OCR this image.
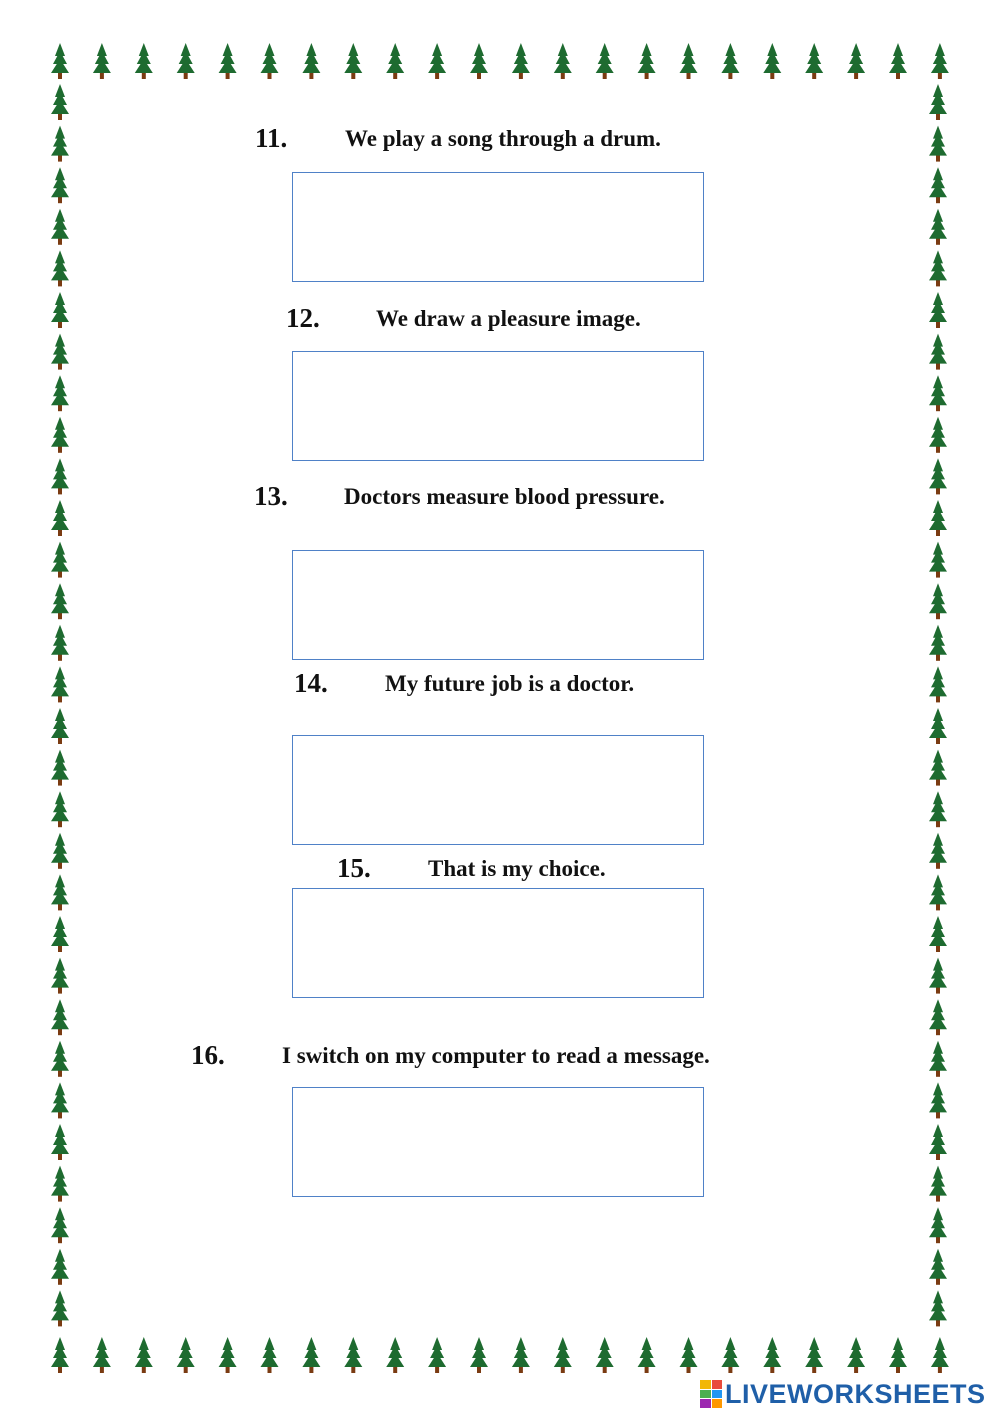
11.	We play a song through a drum.
12. We draw a pleasure image.
13. Doctors measure blood pressure.
14. My future job is a doctor.
15. That is my choice.
16. I switch on my computer to read a message.
LIVEWORKSHEETS
